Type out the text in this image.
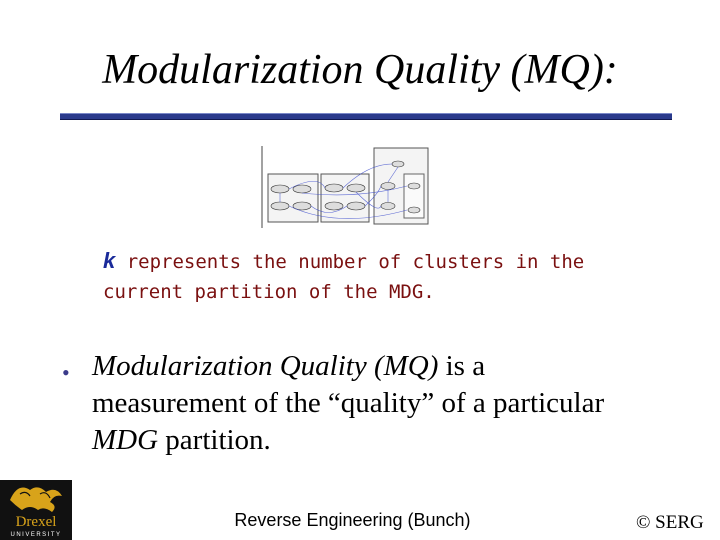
Modularization Quality (MQ):
k represents the number of clusters in the
current partition of the MDG.
• Modularization Quality (MQ) is a
measurement of the “quality” of a particular
MDG partition.
Drexel
UNIVERSITY
Reverse Engineering (Bunch)	© SERG
